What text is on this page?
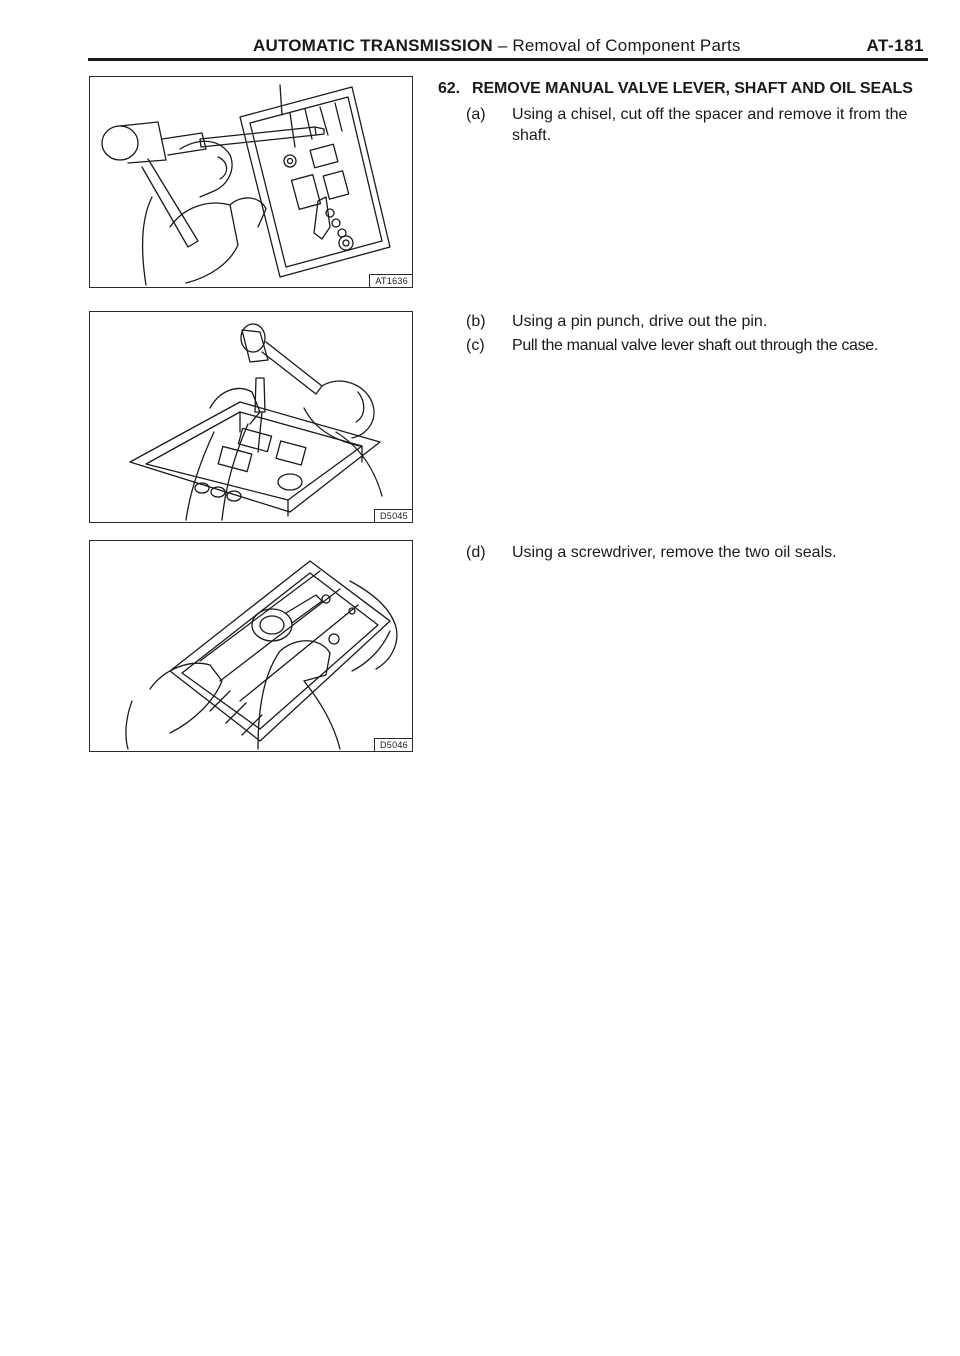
AUTOMATIC TRANSMISSION – Removal of Component Parts	AT-181
AT1636
D5045
D5046
62. REMOVE MANUAL VALVE LEVER, SHAFT AND OIL SEALS
(a)	Using a chisel, cut off the spacer and remove it from the shaft.
(b)	Using a pin punch, drive out the pin.
(c)	Pull the manual valve lever shaft out through the case.
(d)	Using a screwdriver, remove the two oil seals.
